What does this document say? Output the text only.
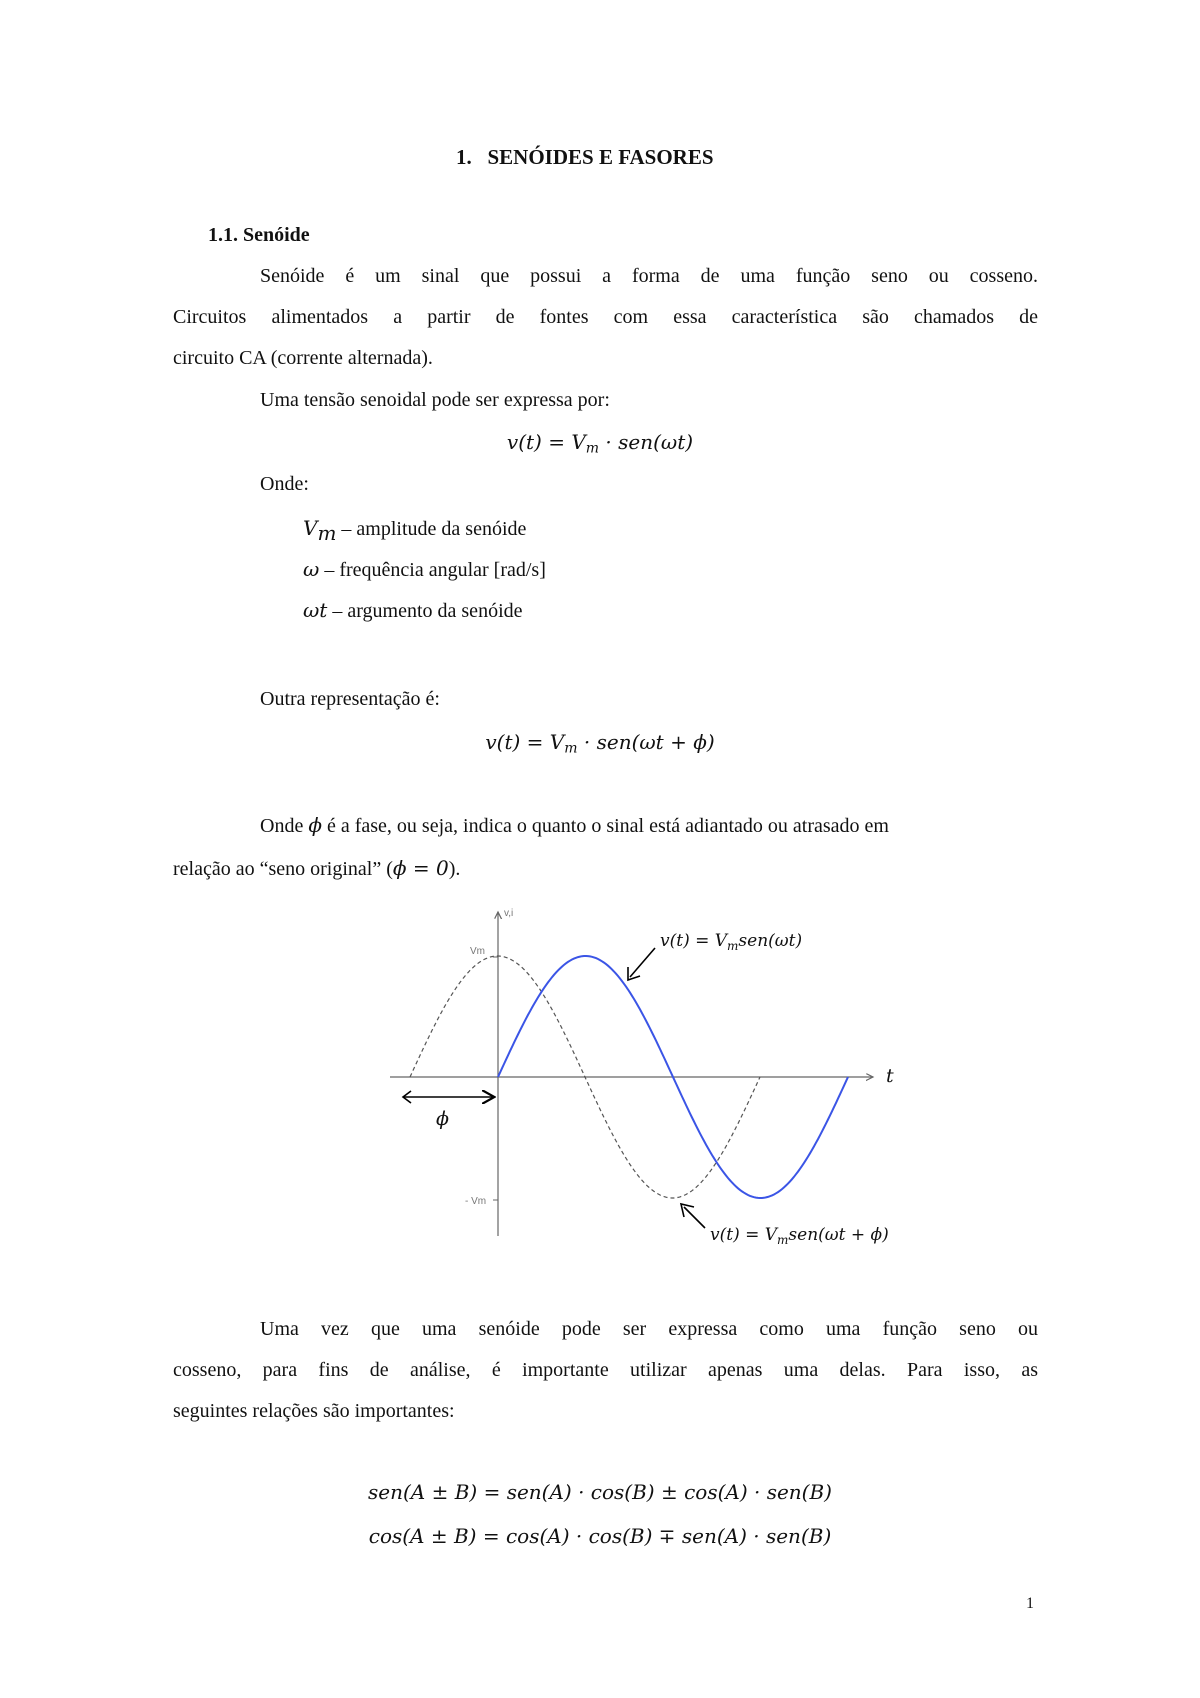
1. SENÓIDES E FASORES
1.1. Senóide
Senóide é um sinal que possui a forma de uma função seno ou cosseno.
Circuitos alimentados a partir de fontes com essa característica são chamados de
circuito CA (corrente alternada).
Uma tensão senoidal pode ser expressa por:
$v(t) = V_m \cdot sen(\omega t)$
Onde:
$V_m$ – amplitude da senóide
ω – frequência angular [rad/s]
ωt – argumento da senóide
Outra representação é:
$v(t) = V_m \cdot sen(\omega t + \phi)$
Onde ϕ é a fase, ou seja, indica o quanto o sinal está adiantado ou atrasado em
relação ao “seno original” (ϕ = 0).
v,i
Vm
- Vm
t
ϕ
$v(t) = V_msen(\omega t)$
$v(t) = V_msen(\omega t + \phi)$
Uma vez que uma senóide pode ser expressa como uma função seno ou
cosseno, para fins de análise, é importante utilizar apenas uma delas. Para isso, as
seguintes relações são importantes:
sen(A ± B) = sen(A) · cos(B) ± cos(A) · sen(B)
cos(A ± B) = cos(A) · cos(B) ∓ sen(A) · sen(B)
1
